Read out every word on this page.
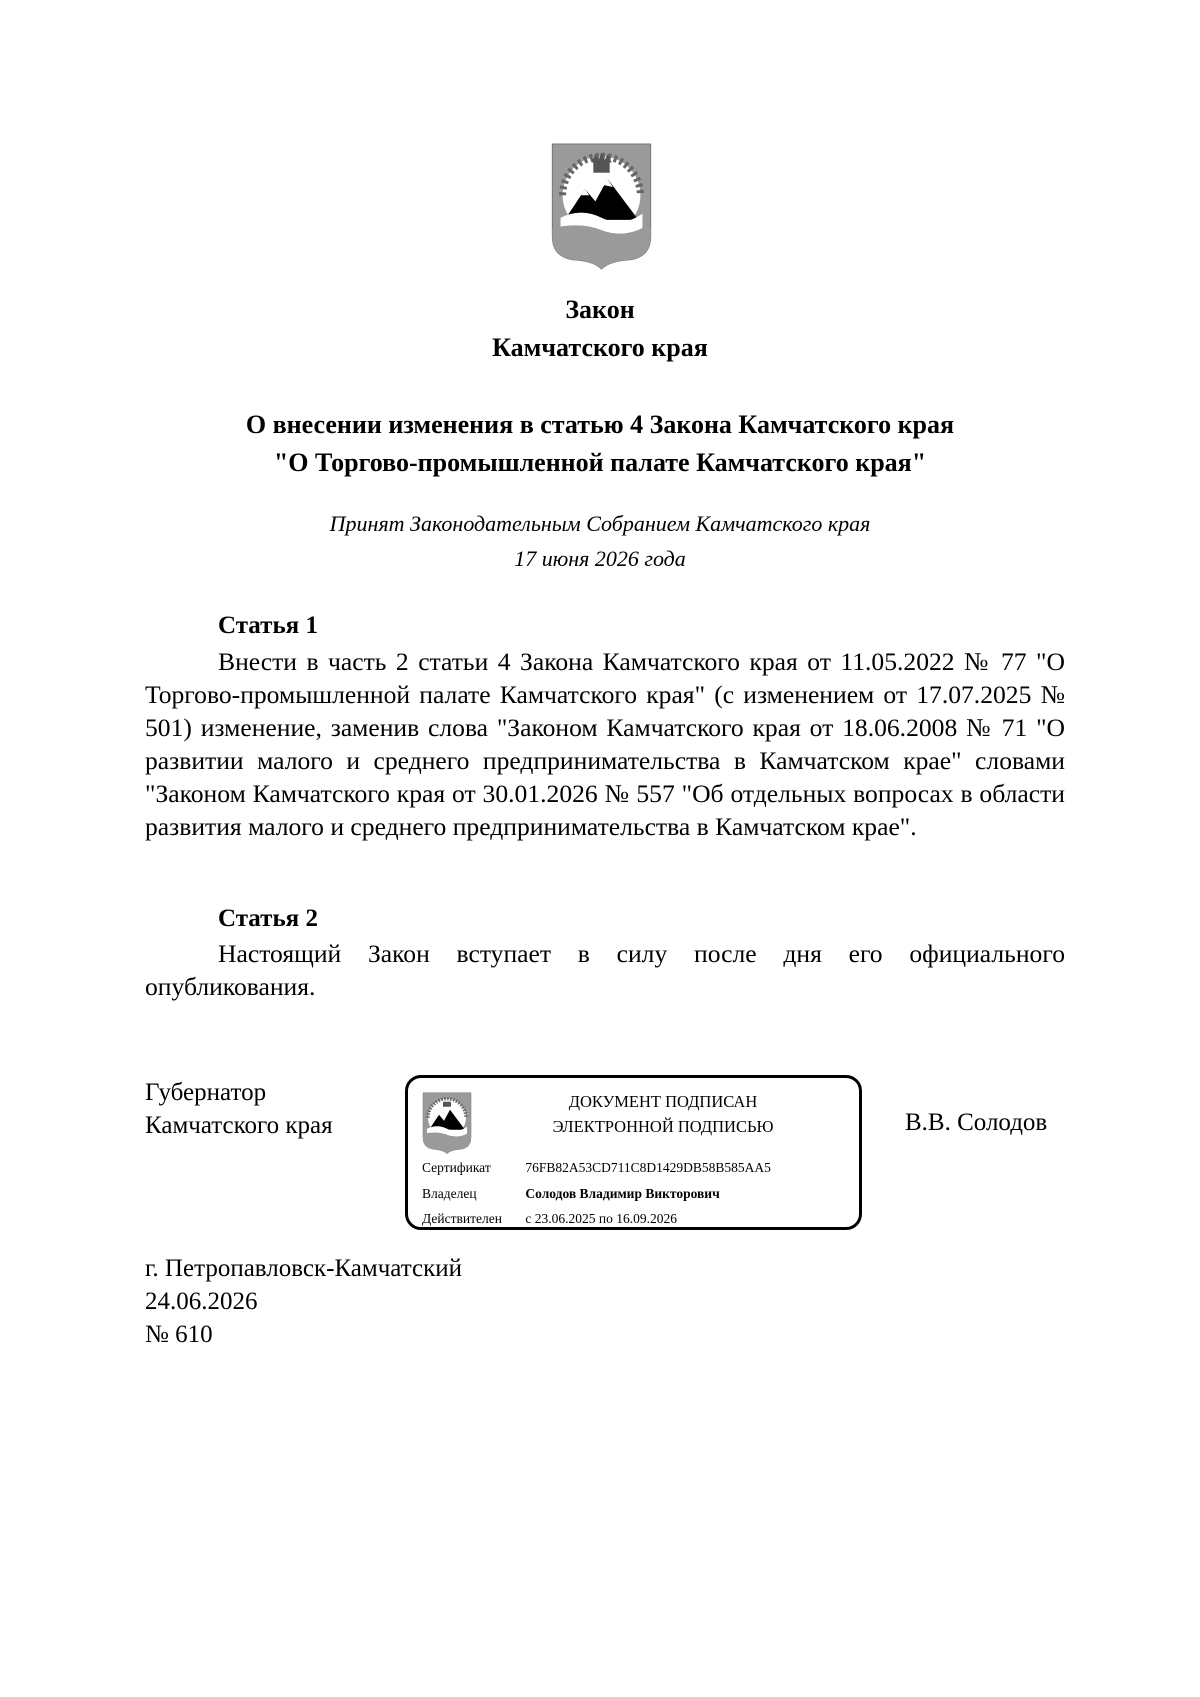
Закон
Камчатского края
О внесении изменения в статью 4 Закона Камчатского края
"О Торгово-промышленной палате Камчатского края"
Принят Законодательным Собранием Камчатского края
17 июня 2026 года
Статья 1

Внести в часть 2 статьи 4 Закона Камчатского края от 11.05.2022 № 77 "О Торгово-промышленной палате Камчатского края" (с изменением от 17.07.2025 № 501) изменение, заменив слова "Законом Камчатского края от 18.06.2008 № 71 "О развитии малого и среднего предпринимательства в Камчатском крае" словами "Законом Камчатского края от 30.01.2026 № 557 "Об отдельных вопросах в области развития малого и среднего предпринимательства в Камчатском крае".

Статья 2

Настоящий Закон вступает в силу после дня его официального опубликования.

Губернатор
Камчатского края
ДОКУМЕНТ ПОДПИСАН
ЭЛЕКТРОННОЙ ПОДПИСЬЮ
Сертификат	76FB82A53CD711C8D1429DB58B585AA5
Владелец	Солодов Владимир Викторович
Действителен с 23.06.2025 по 16.09.2026
В.В. Солодов
г. Петропавловск-Камчатский
24.06.2026
№ 610
